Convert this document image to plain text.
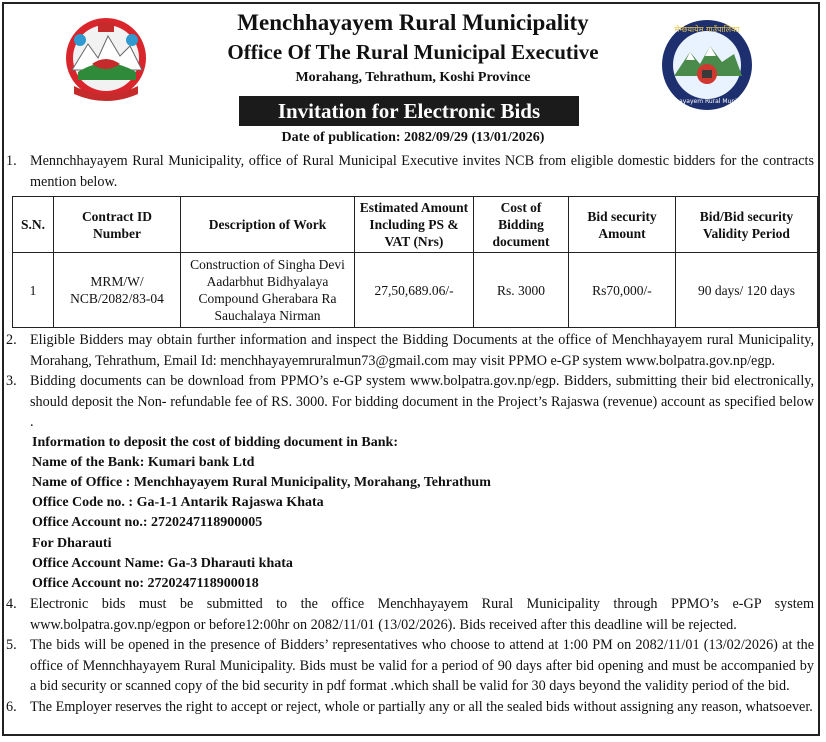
मेन्छयायेम गाउँपालिका
Menchhayayem Rural Municipality
Menchhayayem Rural Municipality
Office Of The Rural Municipal Executive
Morahang, Tehrathum, Koshi Province
Invitation for Electronic Bids
Date of publication: 2082/09/29 (13/01/2026)
1. Mennchhayayem Rural Municipality, office of Rural Municipal Executive invites NCB from eligible domestic bidders for the contracts mention below.
S.N.	Contract ID Number	Description of Work	Estimated Amount Including PS & VAT (Nrs)	Cost of Bidding document	Bid security Amount	Bid/Bid security Validity Period
1	MRM/W/ NCB/2082/83-04	Construction of Singha Devi Aadarbhut Bidhyalaya Compound Gherabara Ra Sauchalaya Nirman	27,50,689.06/-	Rs. 3000	Rs70,000/-	90 days/ 120 days
2. Eligible Bidders may obtain further information and inspect the Bidding Documents at the office of Menchhayayem rural Municipality, Morahang, Tehrathum, Email Id: menchhayayemruralmun73@gmail.com may visit PPMO e-GP system www.bolpatra.gov.np/egp.
3. Bidding documents can be download from PPMO’s e-GP system www.bolpatra.gov.np/egp. Bidders, submitting their bid electronically, should deposit the Non- refundable fee of RS. 3000. For bidding document in the Project’s Rajaswa (revenue) account as specified below .
Information to deposit the cost of bidding document in Bank:
Name of the Bank: Kumari bank Ltd
Name of Office : Menchhayayem Rural Municipality, Morahang, Tehrathum
Office Code no. : Ga-1-1 Antarik Rajaswa Khata
Office Account no.: 2720247118900005
For Dharauti
Office Account Name: Ga-3 Dharauti khata
Office Account no: 2720247118900018
4. Electronic bids must be submitted to the office Menchhayayem Rural Municipality through PPMO’s e-GP system www.bolpatra.gov.np/egpon or before12:00hr on 2082/11/01 (13/02/2026). Bids received after this deadline will be rejected.
5. The bids will be opened in the presence of Bidders’ representatives who choose to attend at 1:00 PM on 2082/11/01 (13/02/2026) at the office of Mennchhayayem Rural Municipality. Bids must be valid for a period of 90 days after bid opening and must be accompanied by a bid security or scanned copy of the bid security in pdf format .which shall be valid for 30 days beyond the validity period of the bid.
6. The Employer reserves the right to accept or reject, whole or partially any or all the sealed bids without assigning any reason, whatsoever.
